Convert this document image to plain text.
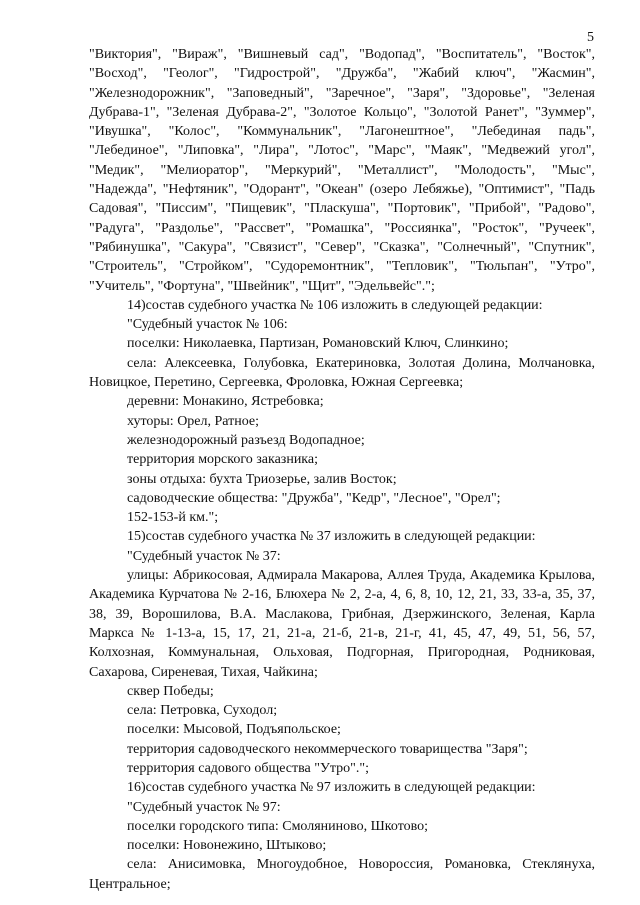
5

"Виктория", "Вираж", "Вишневый сад", "Водопад", "Воспитатель", "Восток", "Восход", "Геолог", "Гидрострой", "Дружба", "Жабий ключ", "Жасмин", "Железнодорожник", "Заповедный", "Заречное", "Заря", "Здоровье", "Зеленая Дубрава-1", "Зеленая Дубрава-2", "Золотое Кольцо", "Золотой Ранет", "Зуммер", "Ивушка", "Колос", "Коммунальник", "Лагонештное", "Лебединая падь", "Лебединое", "Липовка", "Лира", "Лотос", "Марс", "Маяк", "Медвежий угол", "Медик", "Мелиоратор", "Меркурий", "Металлист", "Молодость", "Мыс", "Надежда", "Нефтяник", "Одорант", "Океан" (озеро Лебяжье), "Оптимист", "Падь Садовая", "Писсим", "Пищевик", "Пласкуша", "Портовик", "Прибой", "Радово", "Радуга", "Раздолье", "Рассвет", "Ромашка", "Россиянка", "Росток", "Ручеек", "Рябинушка", "Сакура", "Связист", "Север", "Сказка", "Солнечный", "Спутник", "Строитель", "Стройком", "Судоремонтник", "Тепловик", "Тюльпан", "Утро", "Учитель", "Фортуна", "Швейник", "Щит", "Эдельвейс".";

14)состав судебного участка № 106 изложить в следующей редакции:

"Судебный участок № 106:

поселки: Николаевка, Партизан, Романовский Ключ, Слинкино;

села: Алексеевка, Голубовка, Екатериновка, Золотая Долина, Молчановка, Новицкое, Перетино, Сергеевка, Фроловка, Южная Сергеевка;

деревни: Монакино, Ястребовка;

хуторы: Орел, Ратное;

железнодорожный разъезд Водопадное;

территория морского заказника;

зоны отдыха: бухта Триозерье, залив Восток;

садоводческие общества: "Дружба", "Кедр", "Лесное", "Орел";

152-153-й км.";

15)состав судебного участка № 37 изложить в следующей редакции:

"Судебный участок № 37:

улицы: Абрикосовая, Адмирала Макарова, Аллея Труда, Академика Крылова, Академика Курчатова № 2-16, Блюхера № 2, 2-а, 4, 6, 8, 10, 12, 21, 33, 33-а, 35, 37, 38, 39, Ворошилова, В.А. Маслакова, Грибная, Дзержинского, Зеленая, Карла Маркса № 1-13-а, 15, 17, 21, 21-а, 21-б, 21-в, 21-г, 41, 45, 47, 49, 51, 56, 57, Колхозная, Коммунальная, Ольховая, Подгорная, Пригородная, Родниковая, Сахарова, Сиреневая, Тихая, Чайкина;

сквер Победы;

села: Петровка, Суходол;

поселки: Мысовой, Подъяпольское;

территория садоводческого некоммерческого товарищества "Заря";

территория садового общества "Утро".";

16)состав судебного участка № 97 изложить в следующей редакции:

"Судебный участок № 97:

поселки городского типа: Смоляниново, Шкотово;

поселки: Новонежино, Штыково;

села: Анисимовка, Многоудобное, Новороссия, Романовка, Стеклянуха, Центральное;
